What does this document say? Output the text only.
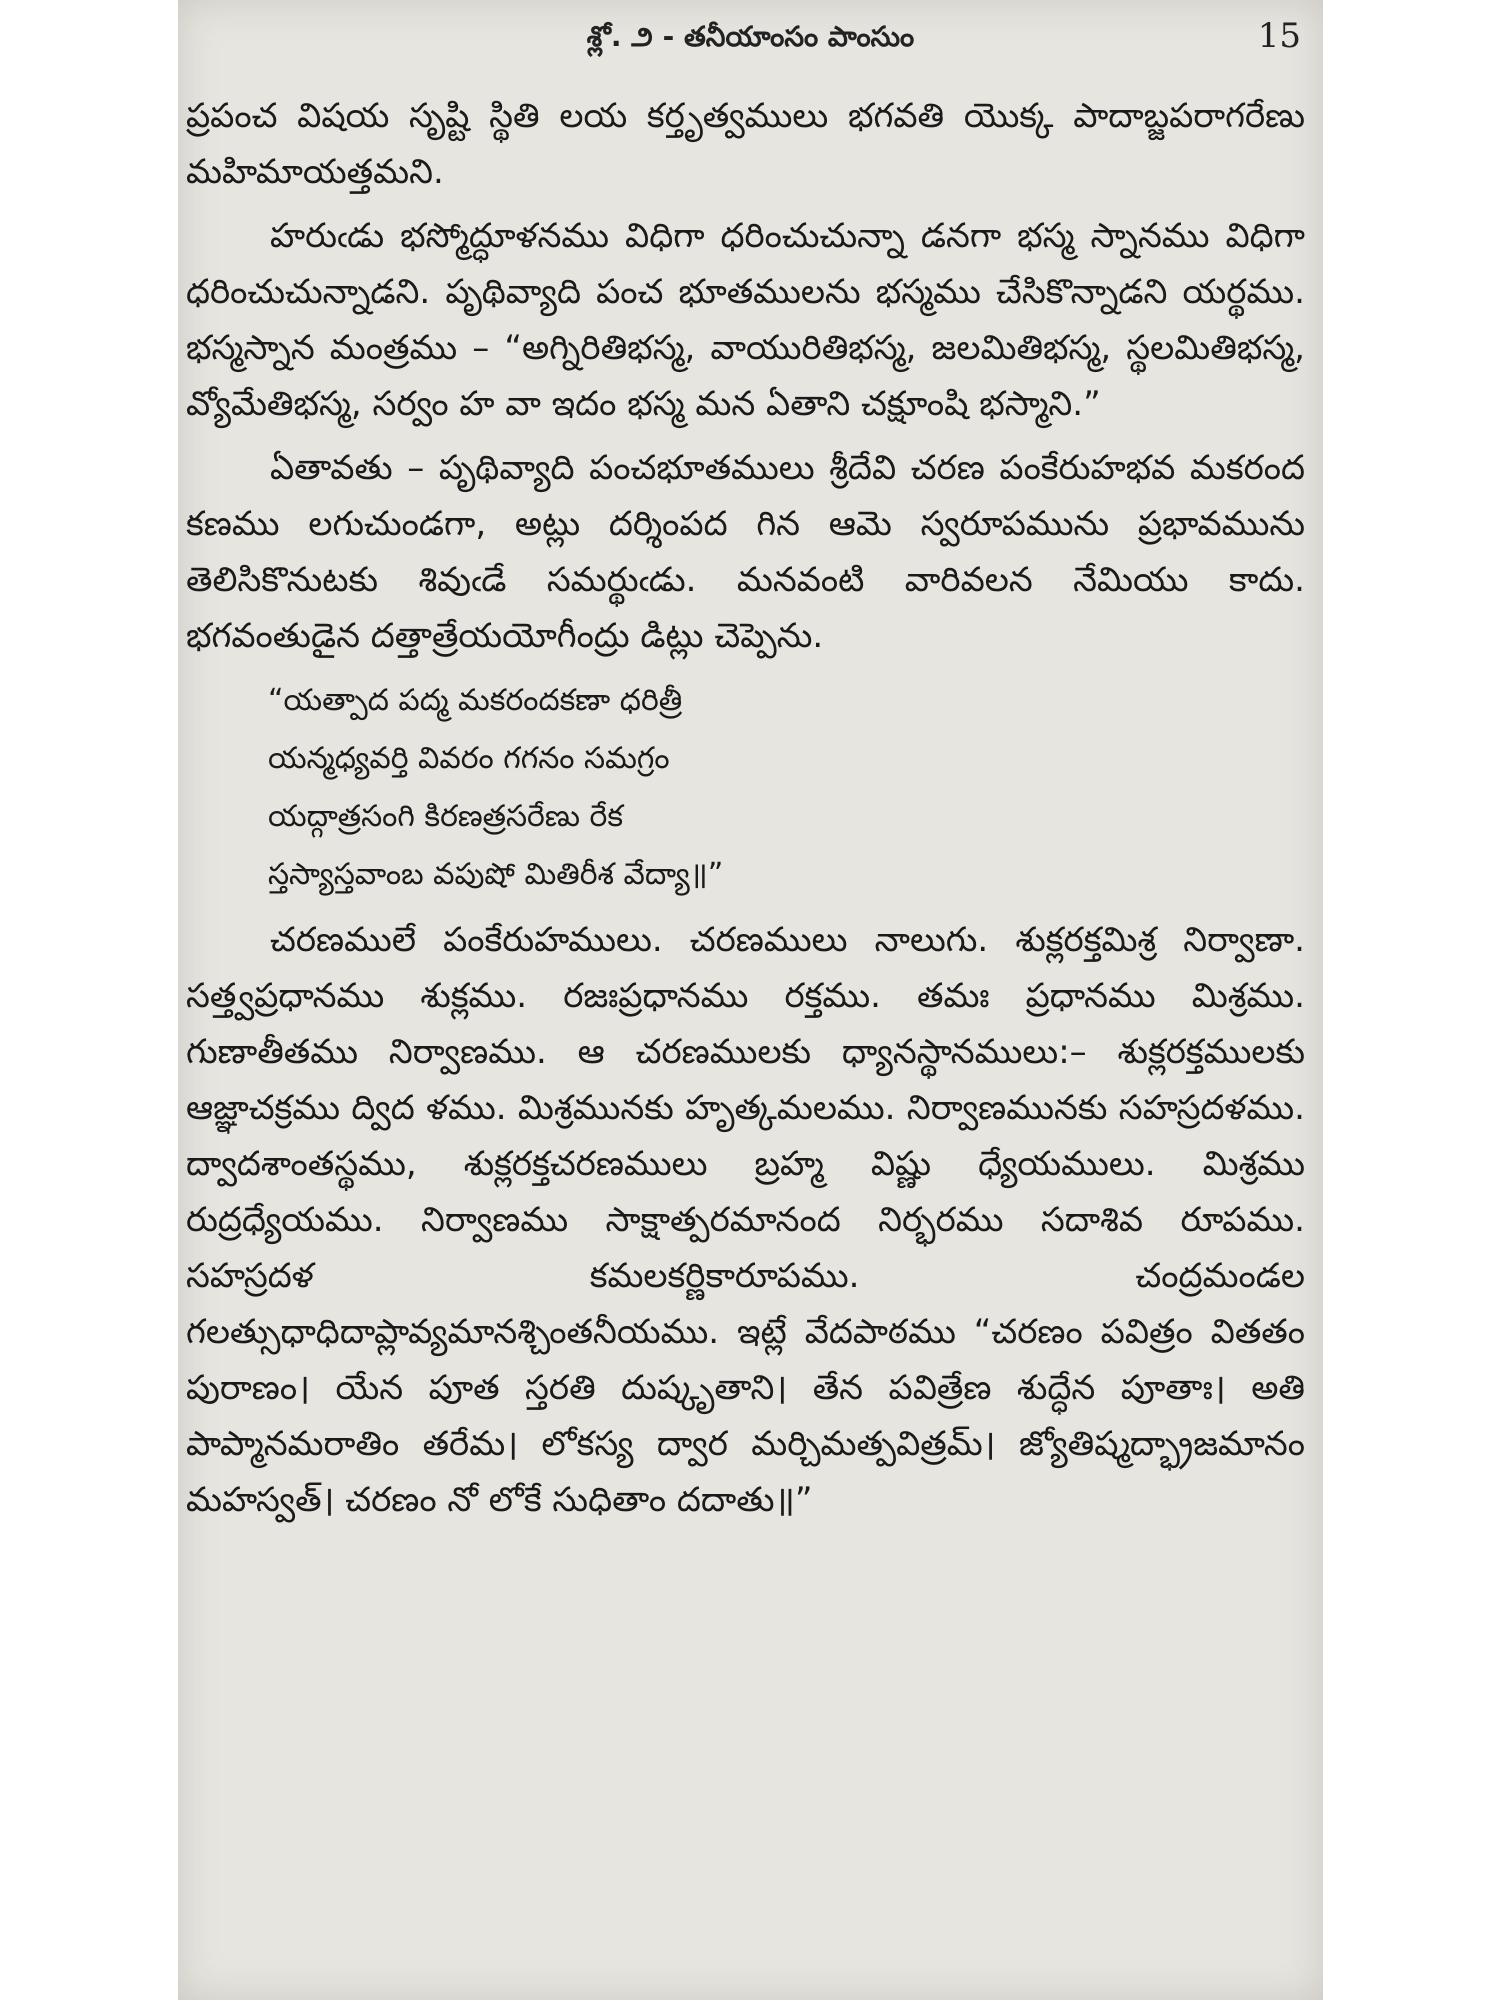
శ్లో. ౨ - తనీయాంసం పాంసుం	15

ప్రపంచ విషయ సృష్టి స్థితి లయ కర్తృత్వములు భగవతి యొక్క పాదాబ్జపరాగరేణు మహిమాయత్తమని.

హరుఁడు భస్మోద్ధూళనము విధిగా ధరించుచున్నా డనగా భస్మ స్నానము విధిగా ధరించుచున్నాడని. పృథివ్యాది పంచ భూతములను భస్మము చేసికొన్నాడని యర్థము. భస్మస్నాన మంత్రము – “అగ్నిరితిభస్మ, వాయురితిభస్మ, జలమితిభస్మ, స్థలమితిభస్మ, వ్యోమేతిభస్మ, సర్వం హ వా ఇదం భస్మ మన ఏతాని చక్షూంషి భస్మాని.”

ఏతావతు – పృథివ్యాది పంచభూతములు శ్రీదేవి చరణ పంకేరుహభవ మకరంద కణము లగుచుండగా, అట్లు దర్శింపద గిన ఆమె స్వరూపమును ప్రభావమును తెలిసికొనుటకు శివుఁడే సమర్థుఁడు. మనవంటి వారివలన నేమియు కాదు. భగవంతుడైన దత్తాత్రేయయోగీంద్రు డిట్లు చెప్పెను.

“యత్పాద పద్మ మకరందకణా ధరిత్రీ
యన్మధ్యవర్తి వివరం గగనం సమగ్రం
యద్గాత్రసంగి కిరణత్రసరేణు రేక
స్తస్యాస్తవాంబ వపుషో మితిరీశ వేద్యా॥”

చరణములే పంకేరుహములు. చరణములు నాలుగు. శుక్లరక్తమిశ్ర నిర్వాణా. సత్త్వప్రధానము శుక్లము. రజఃప్రధానము రక్తము. తమః ప్రధానము మిశ్రము. గుణాతీతము నిర్వాణము. ఆ చరణములకు ధ్యానస్థానములు:– శుక్లరక్తములకు ఆజ్ఞాచక్రము ద్విద ళము. మిశ్రమునకు హృత్కమలము. నిర్వాణమునకు సహస్రదళము. ద్వాదశాంతస్థము, శుక్లరక్తచరణములు బ్రహ్మ విష్ణు ధ్యేయములు. మిశ్రము రుద్రధ్యేయము. నిర్వాణము సాక్షాత్పరమానంద నిర్భరము సదాశివ రూపము. సహస్రదళ కమలకర్ణికారూపము. చంద్రమండల గలత్సుధాధిదాప్లావ్యమానశ్చింతనీయము. ఇట్లే వేదపాఠము “చరణం పవిత్రం వితతం పురాణం। యేన పూత స్తరతి దుష్కృతాని। తేన పవిత్రేణ శుద్ధేన పూతాః। అతి పాప్మానమరాతిం తరేమ। లోకస్య ద్వార మర్చిమత్పవిత్రమ్। జ్యోతిష్మద్భ్రాజమానం మహస్వత్। చరణం నో లోకే సుధితాం దదాతు॥”
